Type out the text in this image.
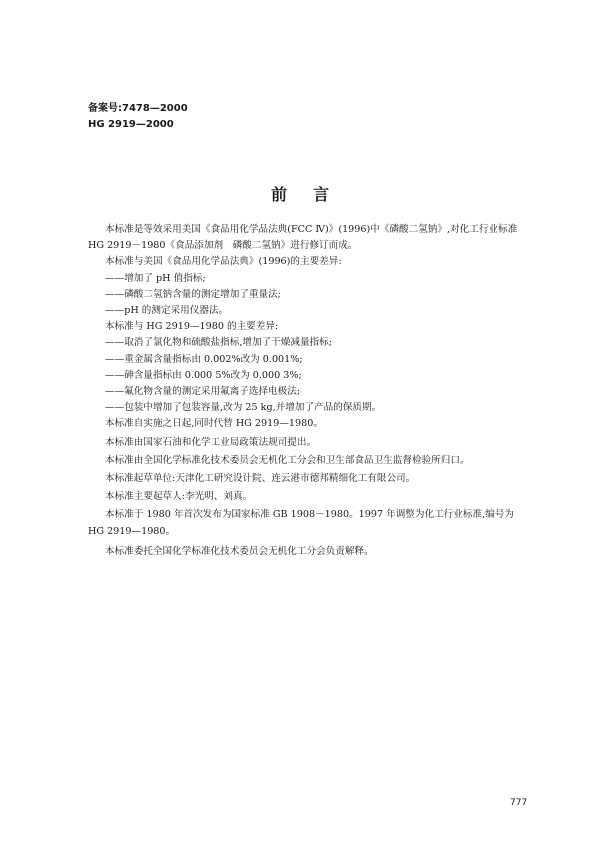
备案号:7478—2000
HG 2919—2000
前言

本标准是等效采用美国《食品用化学品法典(FCC Ⅳ)》(1996)中《磷酸二氢钠》,对化工行业标准 HG 2919－1980《食品添加剂　磷酸二氢钠》进行修订而成。

本标准与美国《食品用化学品法典》(1996)的主要差异:

——增加了 pH 值指标;

——磷酸二氢钠含量的测定增加了重量法;

——pH 的测定采用仪器法。

本标准与 HG 2919—1980 的主要差异:

——取消了氯化物和硫酸盐指标,增加了干燥减量指标;

——重金属含量指标由 0.002%改为 0.001%;

——砷含量指标由 0.000 5%改为 0.000 3%;

——氟化物含量的测定采用氟离子选择电极法;

——包装中增加了包装容量,改为 25 kg,并增加了产品的保质期。

本标准自实施之日起,同时代替 HG 2919—1980。

本标准由国家石油和化学工业局政策法规司提出。

本标准由全国化学标准化技术委员会无机化工分会和卫生部食品卫生监督检验所归口。

本标准起草单位:天津化工研究设计院、连云港市德邦精细化工有限公司。

本标准主要起草人:李光明、刘真。

本标准于 1980 年首次发布为国家标准 GB 1908－1980。1997 年调整为化工行业标准,编号为 HG 2919—1980。

本标准委托全国化学标准化技术委员会无机化工分会负责解释。

777
